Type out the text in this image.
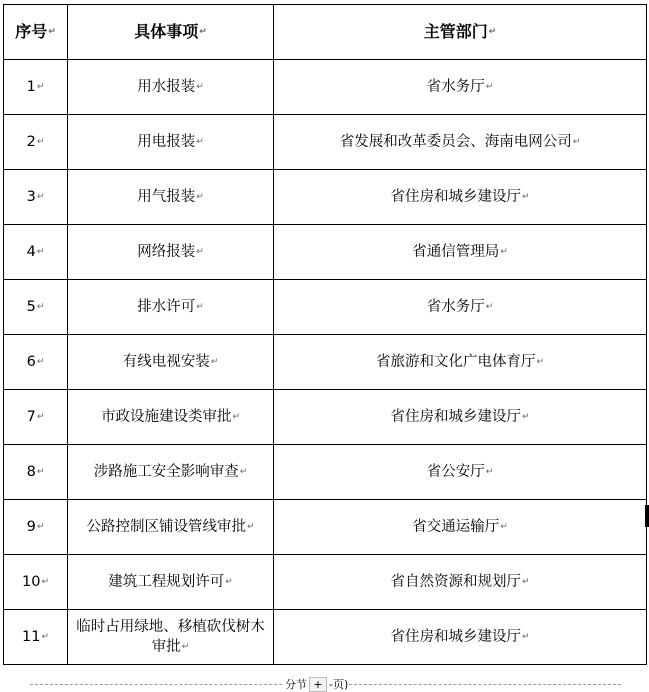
序号↵	具体事项↵	主管部门↵
1↵	用水报装↵	省水务厅↵
2↵	用电报装↵	省发展和改革委员会、海南电网公司↵
3↵	用气报装↵	省住房和城乡建设厅↵
4↵	网络报装↵	省通信管理局↵
5↵	排水许可↵	省水务厅↵
6↵	有线电视安装↵	省旅游和文化广电体育厅↵
7↵	市政设施建设类审批↵	省住房和城乡建设厅↵
8↵	涉路施工安全影响审查↵	省公安厅↵
9↵	公路控制区铺设管线审批↵	省交通运输厅↵
10↵	建筑工程规划许可↵	省自然资源和规划厅↵
11↵	临时占用绿地、移植砍伐树木审批↵	省住房和城乡建设厅↵
分节 + -页)
